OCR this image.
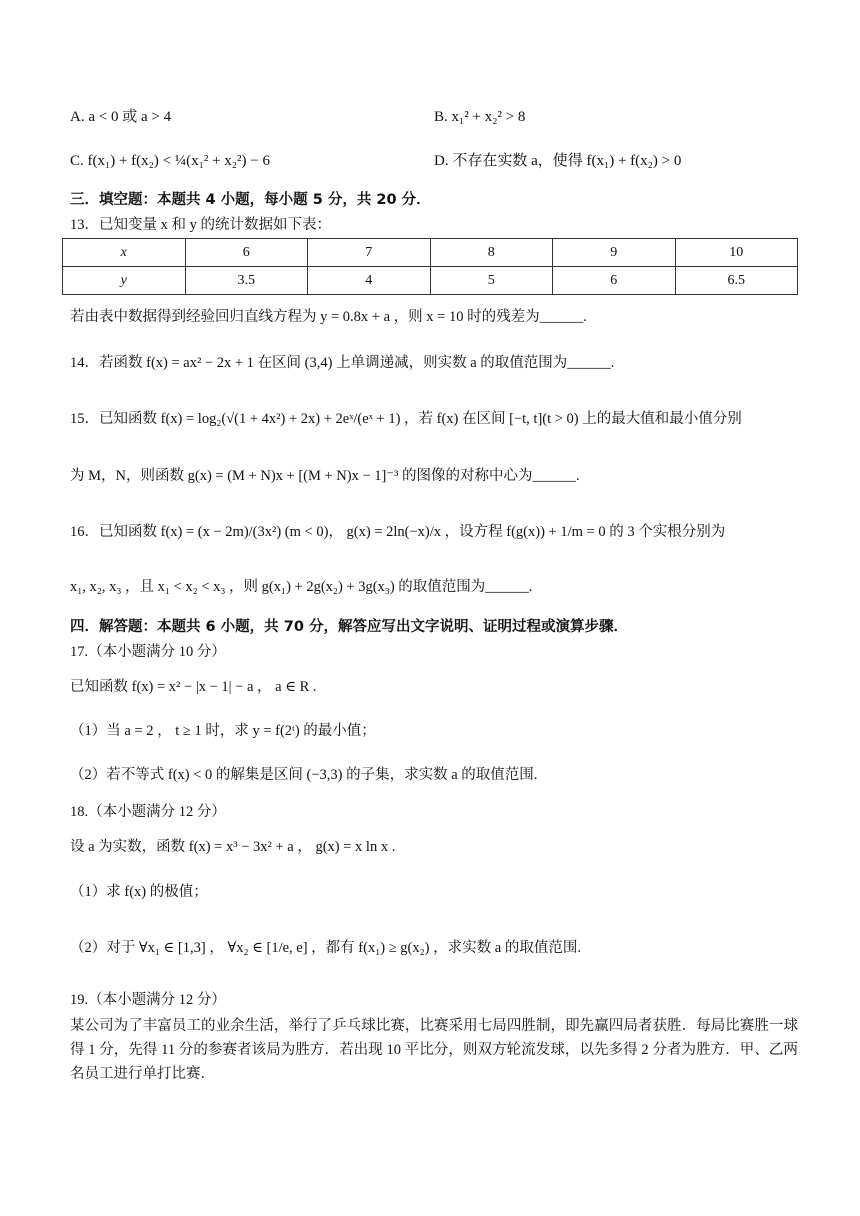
A. a < 0 或 a > 4	B. x₁² + x₂² > 8
C. f(x₁) + f(x₂) < ¼(x₁² + x₂²) − 6	D. 不存在实数 a，使得 f(x₁) + f(x₂) > 0
三．填空题：本题共 4 小题，每小题 5 分，共 20 分．
13．已知变量 x 和 y 的统计数据如下表：
x	6	7	8	9	10
y	3.5	4	5	6	6.5
若由表中数据得到经验回归直线方程为 y = 0.8x + a ，则 x = 10 时的残差为______.
14．若函数 f(x) = ax² − 2x + 1 在区间 (3,4) 上单调递减，则实数 a 的取值范围为______.
15．已知函数 f(x) = log₂(√(1 + 4x²) + 2x) + 2eˣ/(eˣ + 1) ，若 f(x) 在区间 [−t, t](t > 0) 上的最大值和最小值分别
为 M，N，则函数 g(x) = (M + N)x + [(M + N)x − 1]⁻³ 的图像的对称中心为______.
16．已知函数 f(x) = (x − 2m)/(3x²) (m < 0)， g(x) = 2ln(−x)/x ，设方程 f(g(x)) + 1/m = 0 的 3 个实根分别为
x₁, x₂, x₃ ，且 x₁ < x₂ < x₃ ，则 g(x₁) + 2g(x₂) + 3g(x₃) 的取值范围为______.
四．解答题：本题共 6 小题，共 70 分，解答应写出文字说明、证明过程或演算步骤．
17.（本小题满分 10 分）
已知函数 f(x) = x² − |x − 1| − a ， a ∈ R .
（1）当 a = 2 ， t ≥ 1 时，求 y = f(2ᵗ) 的最小值；
（2）若不等式 f(x) < 0 的解集是区间 (−3,3) 的子集，求实数 a 的取值范围.
18.（本小题满分 12 分）
设 a 为实数，函数 f(x) = x³ − 3x² + a ， g(x) = x ln x .
（1）求 f(x) 的极值；
（2）对于 ∀x₁ ∈ [1,3] ， ∀x₂ ∈ [1/e, e] ，都有 f(x₁) ≥ g(x₂) ，求实数 a 的取值范围.
19.（本小题满分 12 分）
某公司为了丰富员工的业余生活，举行了乒乓球比赛，比赛采用七局四胜制，即先赢四局者获胜．每局比赛胜一球得 1 分，先得 11 分的参赛者该局为胜方．若出现 10 平比分，则双方轮流发球，以先多得 2 分者为胜方．甲、乙两名员工进行单打比赛．
